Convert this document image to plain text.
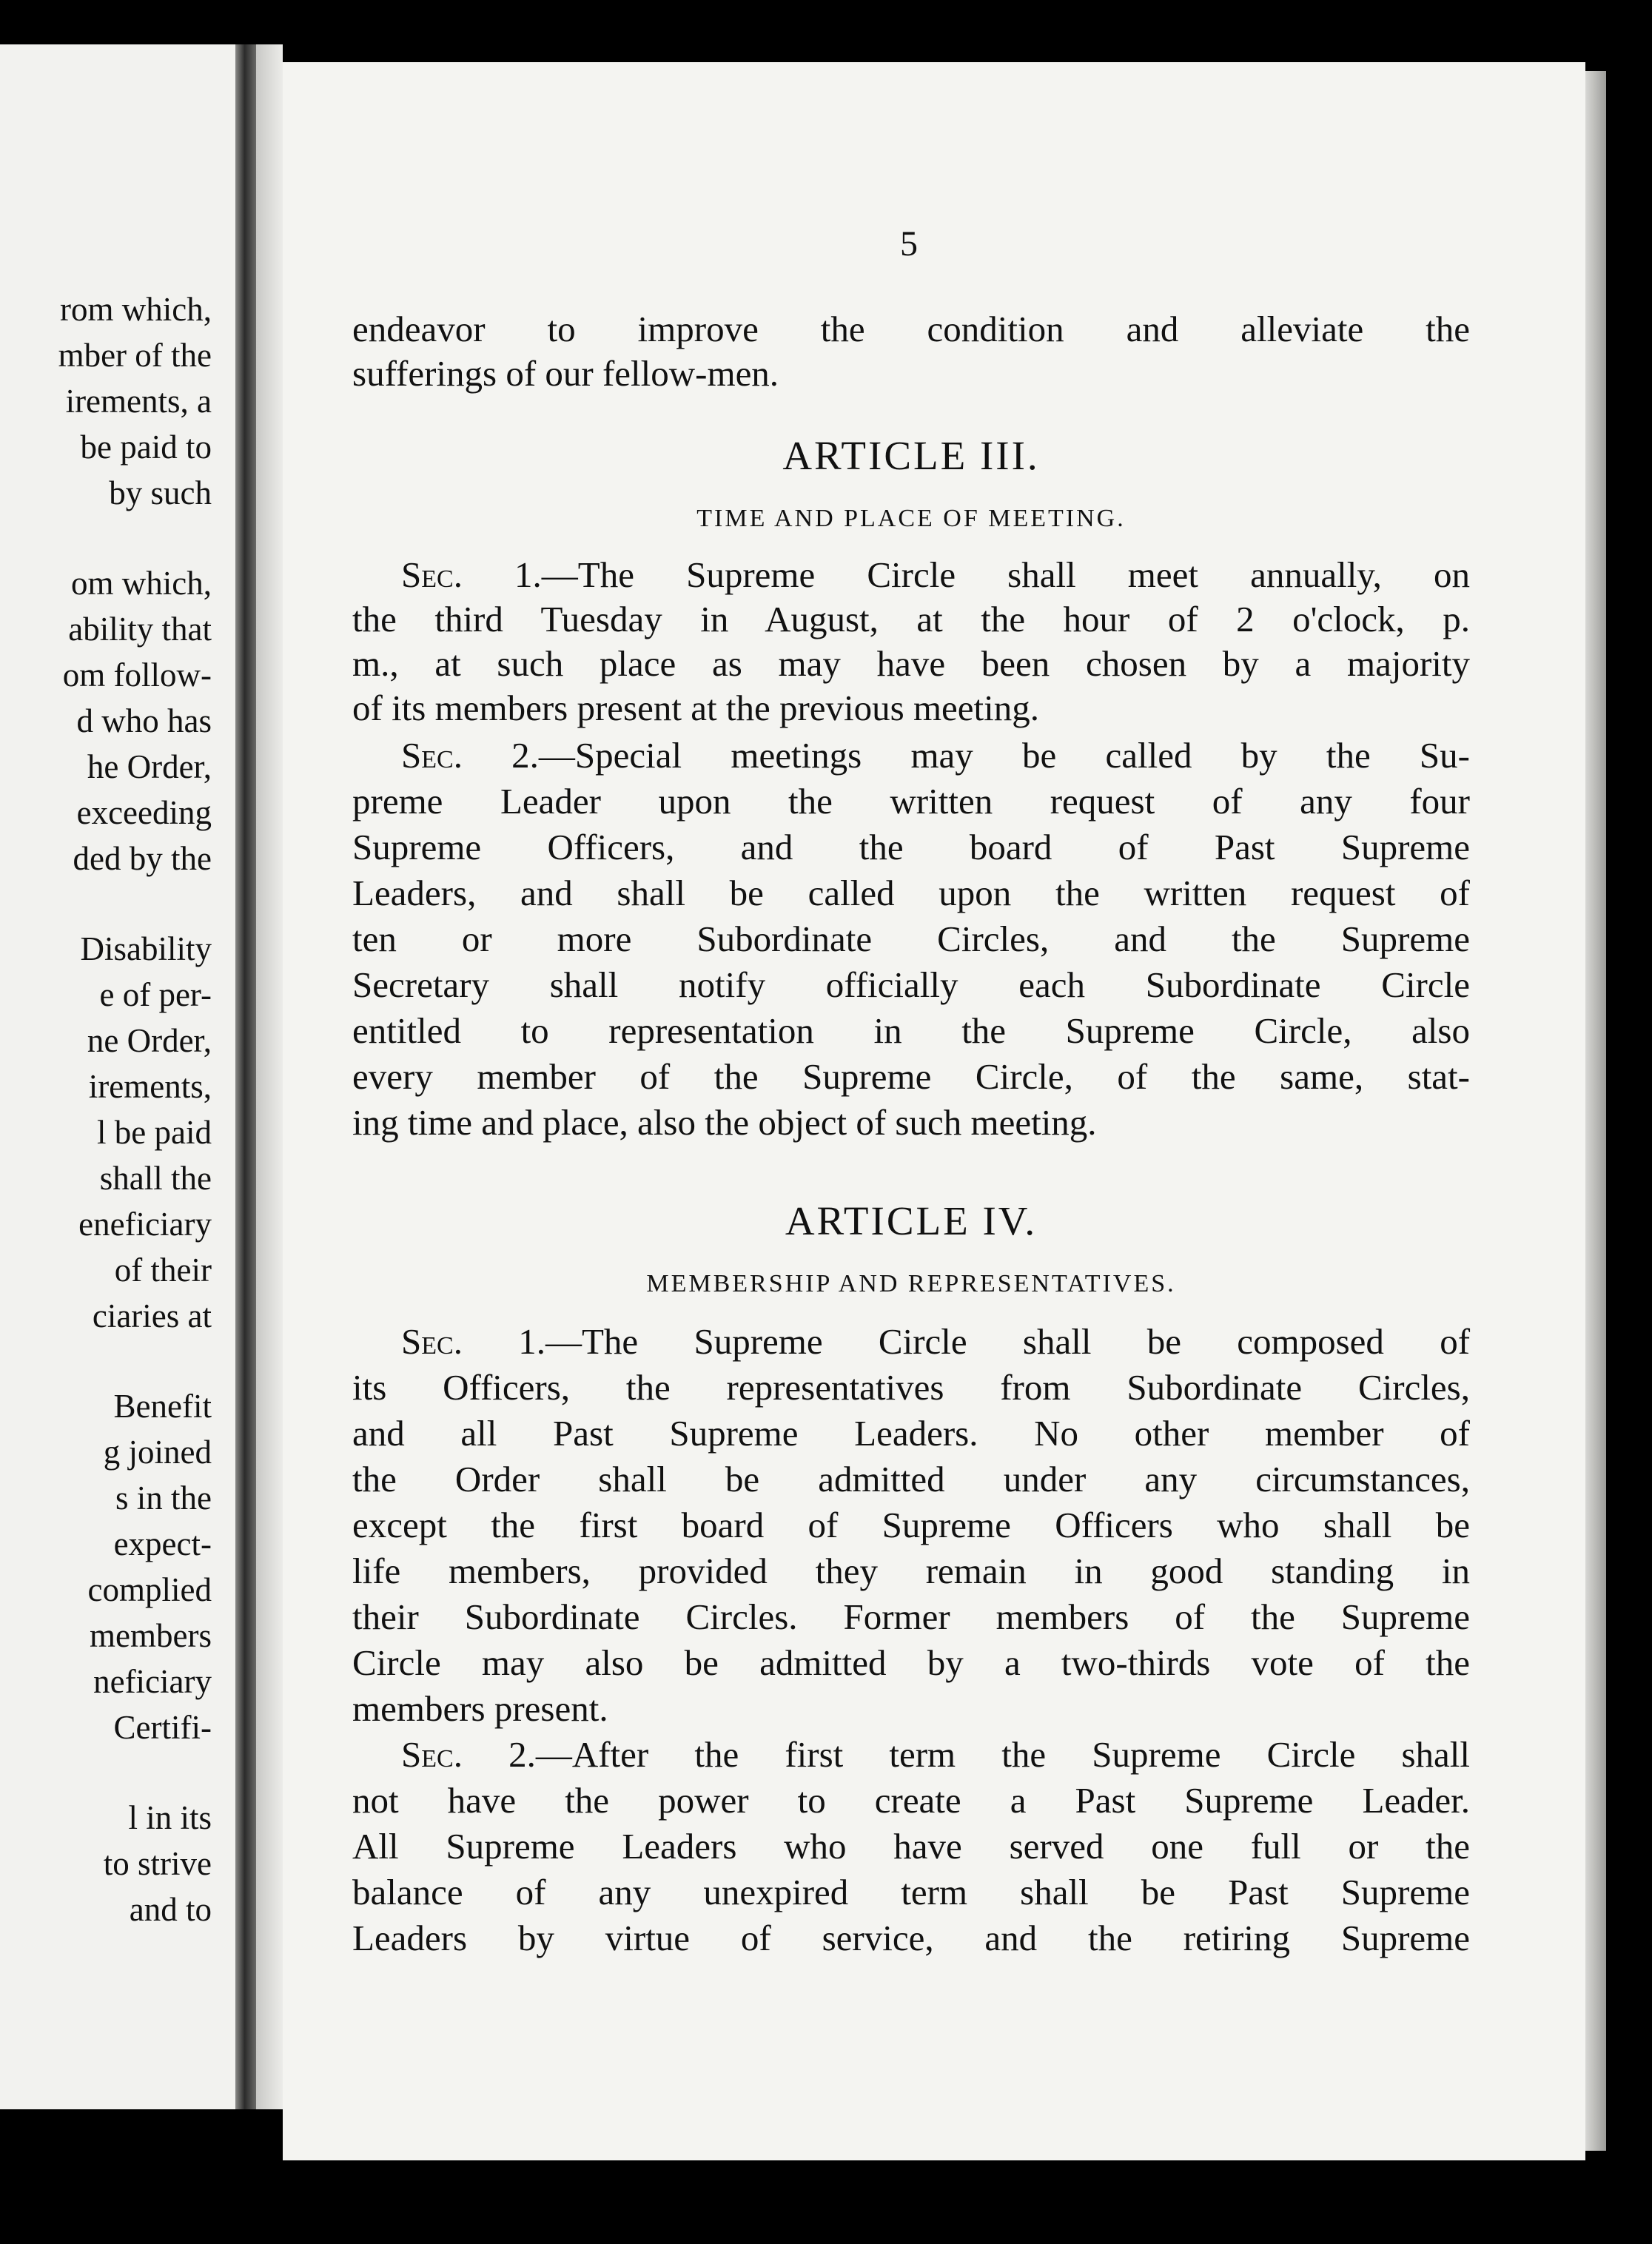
rom which,
mber of the
irements, a
be paid to
by such
om which,
ability that
om follow-
d who has
he Order,
exceeding
ded by the
Disability
e of per-
ne Order,
irements,
l be paid
shall the
eneficiary
of their
ciaries at
Benefit
g joined
s in the
expect-
complied
members
neficiary
Certifi-
l in its
to strive
and to
5
endeavor to improve the condition and alleviate the
sufferings of our fellow-men.
ARTICLE III.
TIME AND PLACE OF MEETING.
Sec. 1.—The Supreme Circle shall meet annually, on
the third Tuesday in August, at the hour of 2 o'clock, p.
m., at such place as may have been chosen by a majority
of its members present at the previous meeting.
Sec. 2.—Special meetings may be called by the Su-
preme Leader upon the written request of any four
Supreme Officers, and the board of Past Supreme
Leaders, and shall be called upon the written request of
ten or more Subordinate Circles, and the Supreme
Secretary shall notify officially each Subordinate Circle
entitled to representation in the Supreme Circle, also
every member of the Supreme Circle, of the same, stat-
ing time and place, also the object of such meeting.
ARTICLE IV.
MEMBERSHIP AND REPRESENTATIVES.
Sec. 1.—The Supreme Circle shall be composed of
its Officers, the representatives from Subordinate Circles,
and all Past Supreme Leaders. No other member of
the Order shall be admitted under any circumstances,
except the first board of Supreme Officers who shall be
life members, provided they remain in good standing in
their Subordinate Circles. Former members of the Supreme
Circle may also be admitted by a two-thirds vote of the
members present.
Sec. 2.—After the first term the Supreme Circle shall
not have the power to create a Past Supreme Leader.
All Supreme Leaders who have served one full or the
balance of any unexpired term shall be Past Supreme
Leaders by virtue of service, and the retiring Supreme
